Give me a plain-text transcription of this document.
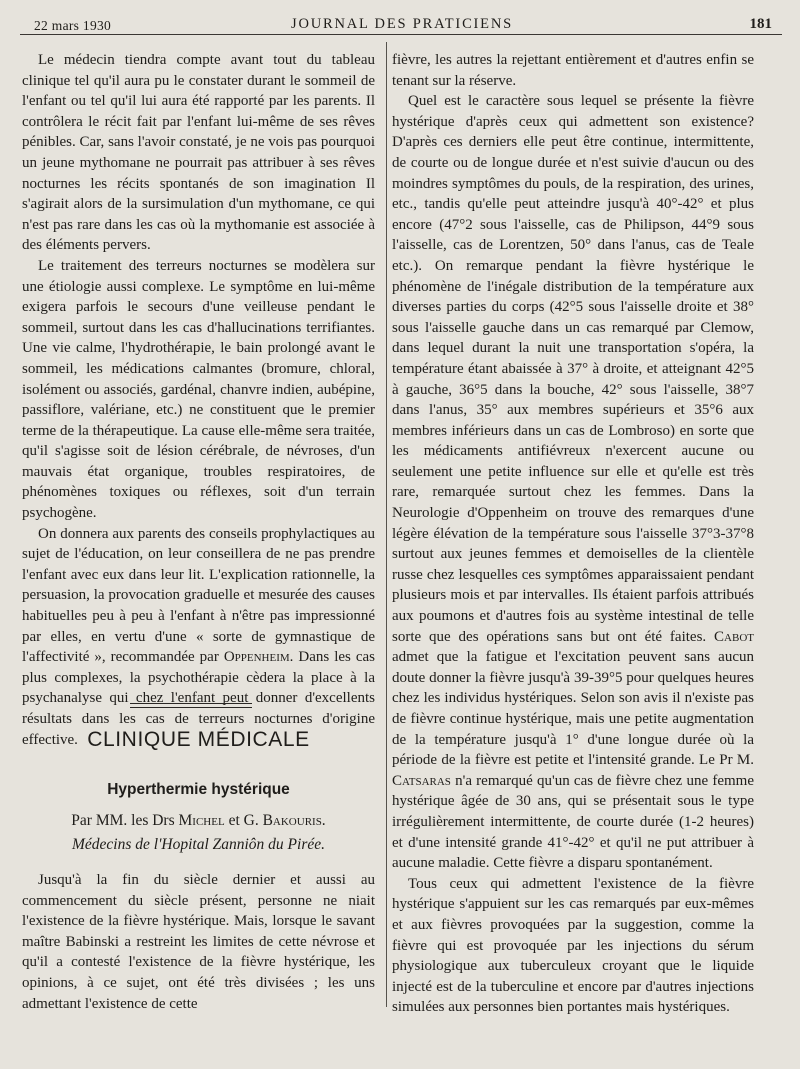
22 mars 1930	JOURNAL DES PRATICIENS	181

Le médecin tiendra compte avant tout du tableau clinique tel qu'il aura pu le constater durant le sommeil de l'enfant ou tel qu'il lui aura été rapporté par les parents. Il contrôlera le récit fait par l'enfant lui-même de ses rêves pénibles. Car, sans l'avoir constaté, je ne vois pas pourquoi un jeune mythomane ne pourrait pas attribuer à ses rêves nocturnes les récits spontanés de son imagination Il s'agirait alors de la sursimulation d'un mythomane, ce qui n'est pas rare dans les cas où la mythomanie est associée à des éléments pervers.

Le traitement des terreurs nocturnes se modèlera sur une étiologie aussi complexe. Le symptôme en lui-même exigera parfois le secours d'une veilleuse pendant le sommeil, surtout dans les cas d'hallucinations terrifiantes. Une vie calme, l'hydrothérapie, le bain prolongé avant le sommeil, les médications calmantes (bromure, chloral, isolément ou associés, gardénal, chanvre indien, aubépine, passiflore, valériane, etc.) ne constituent que le premier terme de la thérapeutique. La cause elle-même sera traitée, qu'il s'agisse soit de lésion cérébrale, de névroses, d'un mauvais état organique, troubles respiratoires, de phénomènes toxiques ou réflexes, soit d'un terrain psychogène.

On donnera aux parents des conseils prophylactiques au sujet de l'éducation, on leur conseillera de ne pas prendre l'enfant avec eux dans leur lit. L'explication rationnelle, la persuasion, la provocation graduelle et mesurée des causes habituelles peu à peu à l'enfant à n'être pas impressionné par elles, en vertu d'une « sorte de gymnastique de l'affectivité », recommandée par Oppenheim. Dans les cas plus complexes, la psychothérapie cèdera la place à la psychanalyse qui chez l'enfant peut donner d'excellents résultats dans les cas de terreurs nocturnes d'origine effective. CLINIQUE MÉDICALE
Hyperthermie hystérique
Par MM. les Drs Michel et G. Bakouris.
Médecins de l'Hopital Zanniôn du Pirée.

Jusqu'à la fin du siècle dernier et aussi au commencement du siècle présent, personne ne niait l'existence de la fièvre hystérique. Mais, lorsque le savant maître Babinski a restreint les limites de cette névrose et qu'il a contesté l'existence de la fièvre hystérique, les opinions, à ce sujet, ont été très divisées ; les uns admettant l'existence de cette

fièvre, les autres la rejettant entièrement et d'autres enfin se tenant sur la réserve.

Quel est le caractère sous lequel se présente la fièvre hystérique d'après ceux qui admettent son existence? D'après ces derniers elle peut être continue, intermittente, de courte ou de longue durée et n'est suivie d'aucun ou des moindres symptômes du pouls, de la respiration, des urines, etc., tandis qu'elle peut atteindre jusqu'à 40°-42° et plus encore (47°2 sous l'aisselle, cas de Philipson, 44°9 sous l'aisselle, cas de Lorentzen, 50° dans l'anus, cas de Teale etc.). On remarque pendant la fièvre hystérique le phénomène de l'inégale distribution de la température aux diverses parties du corps (42°5 sous l'aisselle droite et 38° sous l'aisselle gauche dans un cas remarqué par Clemow, dans lequel durant la nuit une transportation s'opéra, la température étant abaissée à 37° à droite, et atteignant 42°5 à gauche, 36°5 dans la bouche, 42° sous l'aisselle, 38°7 dans l'anus, 35° aux membres supérieurs et 35°6 aux membres inférieurs dans un cas de Lombroso) en sorte que les médicaments antifiévreux n'exercent aucune ou seulement une petite influence sur elle et qu'elle est très rare, remarquée surtout chez les femmes. Dans la Neurologie d'Oppenheim on trouve des remarques d'une légère élévation de la température sous l'aisselle 37°3-37°8 surtout aux jeunes femmes et demoiselles de la clientèle russe chez lesquelles ces symptômes apparaissaient pendant plusieurs mois et par intervalles. Ils étaient parfois attribués aux poumons et d'autres fois au système intestinal de telle sorte que des opérations sans but ont été faites. Cabot admet que la fatigue et l'excitation peuvent sans aucun doute donner la fièvre jusqu'à 39-39°5 pour quelques heures chez les individus hystériques. Selon son avis il n'existe pas de fièvre continue hystérique, mais une petite augmentation de la température jusqu'à 1° d'une longue durée où la période de la fièvre est petite et l'intensité grande. Le Pr M. Catsaras n'a remarqué qu'un cas de fièvre chez une femme hystérique âgée de 30 ans, qui se présentait sous le type irrégulièrement intermittente, de courte durée (1-2 heures) et d'une intensité grande 41°-42° et qu'il ne put attribuer à aucune maladie. Cette fièvre a disparu spontanément.

Tous ceux qui admettent l'existence de la fièvre hystérique s'appuient sur les cas remarqués par eux-mêmes et aux fièvres provoquées par la suggestion, comme la fièvre qui est provoquée par les injections du sérum physiologique aux tuberculeux croyant que le liquide injecté est de la tuberculine et encore par d'autres injections simulées aux personnes bien portantes mais hystériques.
